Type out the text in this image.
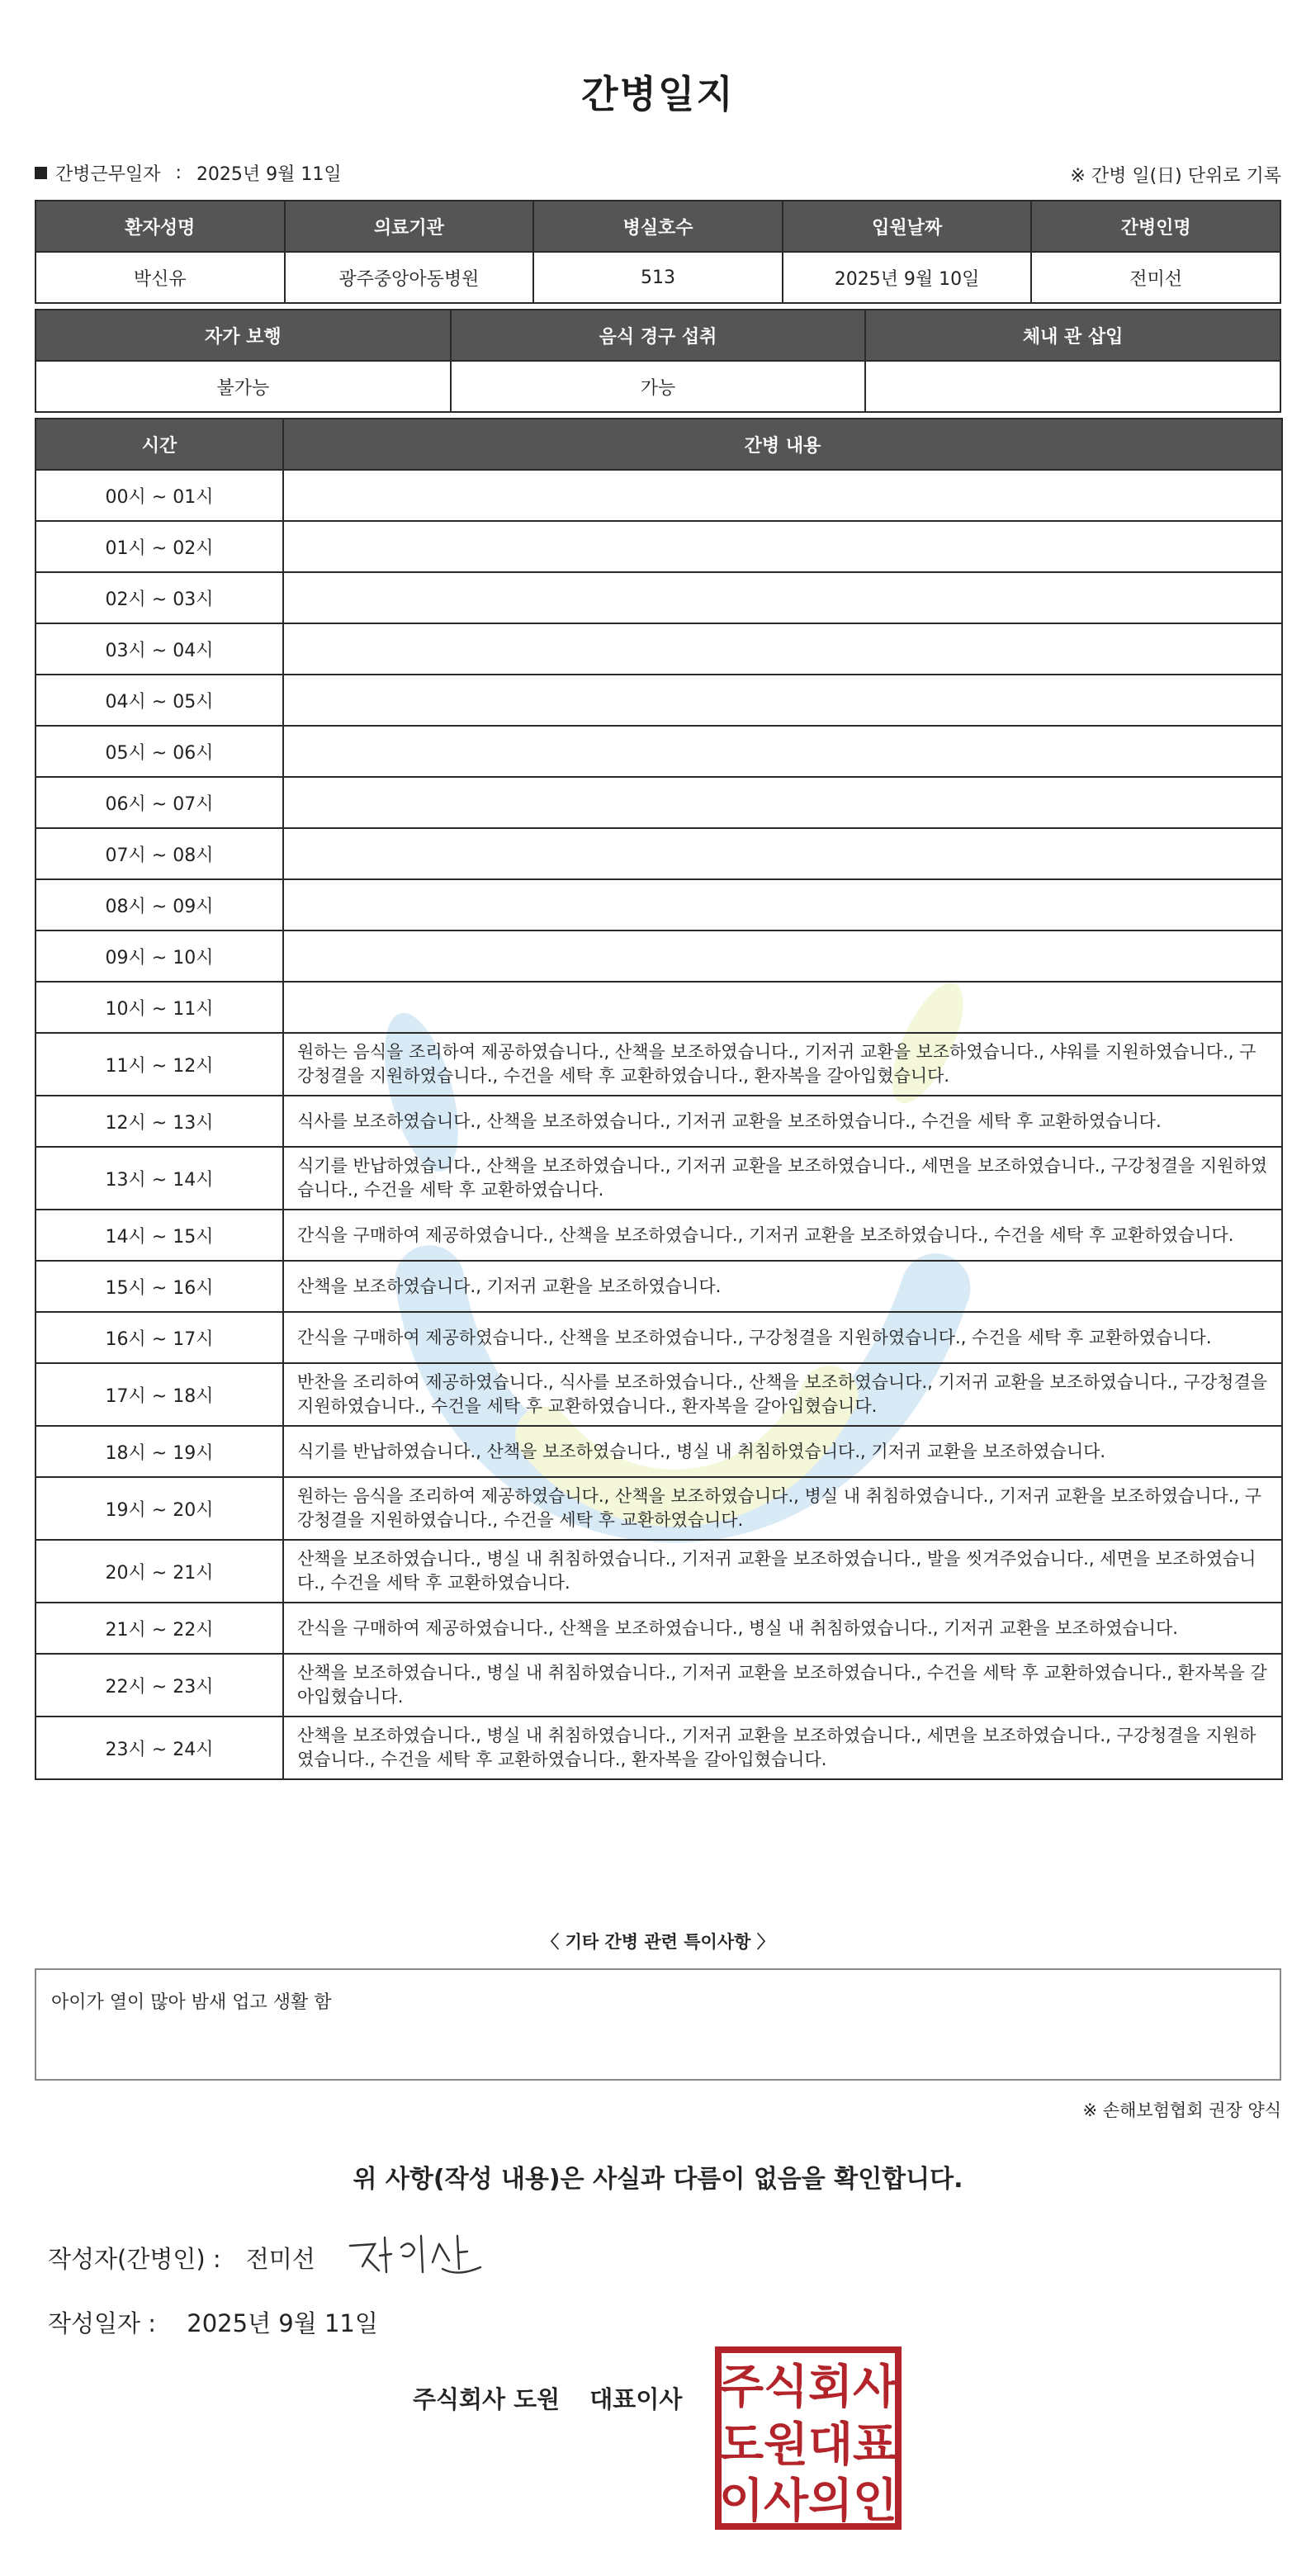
간병일지
간병근무일자 : 2025년 9월 11일	※ 간병 일(日) 단위로 기록
환자성명	의료기관	병실호수	입원날짜	간병인명
박신유	광주중앙아동병원	513	2025년 9월 10일	전미선
자가 보행	음식 경구 섭취	체내 관 삽입
불가능	가능	
시간	간병 내용
00시 ~ 01시	
01시 ~ 02시	
02시 ~ 03시	
03시 ~ 04시	
04시 ~ 05시	
05시 ~ 06시	
06시 ~ 07시	
07시 ~ 08시	
08시 ~ 09시	
09시 ~ 10시	
10시 ~ 11시	
11시 ~ 12시	원하는 음식을 조리하여 제공하였습니다., 산책을 보조하였습니다., 기저귀 교환을 보조하였습니다., 샤워를 지원하였습니다., 구강청결을 지원하였습니다., 수건을 세탁 후 교환하였습니다., 환자복을 갈아입혔습니다.
12시 ~ 13시	식사를 보조하였습니다., 산책을 보조하였습니다., 기저귀 교환을 보조하였습니다., 수건을 세탁 후 교환하였습니다.
13시 ~ 14시	식기를 반납하였습니다., 산책을 보조하였습니다., 기저귀 교환을 보조하였습니다., 세면을 보조하였습니다., 구강청결을 지원하였습니다., 수건을 세탁 후 교환하였습니다.
14시 ~ 15시	간식을 구매하여 제공하였습니다., 산책을 보조하였습니다., 기저귀 교환을 보조하였습니다., 수건을 세탁 후 교환하였습니다.
15시 ~ 16시	산책을 보조하였습니다., 기저귀 교환을 보조하였습니다.
16시 ~ 17시	간식을 구매하여 제공하였습니다., 산책을 보조하였습니다., 구강청결을 지원하였습니다., 수건을 세탁 후 교환하였습니다.
17시 ~ 18시	반찬을 조리하여 제공하였습니다., 식사를 보조하였습니다., 산책을 보조하였습니다., 기저귀 교환을 보조하였습니다., 구강청결을 지원하였습니다., 수건을 세탁 후 교환하였습니다., 환자복을 갈아입혔습니다.
18시 ~ 19시	식기를 반납하였습니다., 산책을 보조하였습니다., 병실 내 취침하였습니다., 기저귀 교환을 보조하였습니다.
19시 ~ 20시	원하는 음식을 조리하여 제공하였습니다., 산책을 보조하였습니다., 병실 내 취침하였습니다., 기저귀 교환을 보조하였습니다., 구강청결을 지원하였습니다., 수건을 세탁 후 교환하였습니다.
20시 ~ 21시	산책을 보조하였습니다., 병실 내 취침하였습니다., 기저귀 교환을 보조하였습니다., 발을 씻겨주었습니다., 세면을 보조하였습니다., 수건을 세탁 후 교환하였습니다.
21시 ~ 22시	간식을 구매하여 제공하였습니다., 산책을 보조하였습니다., 병실 내 취침하였습니다., 기저귀 교환을 보조하였습니다.
22시 ~ 23시	산책을 보조하였습니다., 병실 내 취침하였습니다., 기저귀 교환을 보조하였습니다., 수건을 세탁 후 교환하였습니다., 환자복을 갈아입혔습니다.
23시 ~ 24시	산책을 보조하였습니다., 병실 내 취침하였습니다., 기저귀 교환을 보조하였습니다., 세면을 보조하였습니다., 구강청결을 지원하였습니다., 수건을 세탁 후 교환하였습니다., 환자복을 갈아입혔습니다.
〈 기타 간병 관련 특이사항 〉
아이가 열이 많아 밤새 업고 생활 함
※ 손해보험협회 권장 양식
위 사항(작성 내용)은 사실과 다름이 없음을 확인합니다.
작성자(간병인) : 전미선
작성일자 : 2025년 9월 11일
주식회사 도원 대표이사 주 식 회 사
도 원 대 표
이 사 의 인
